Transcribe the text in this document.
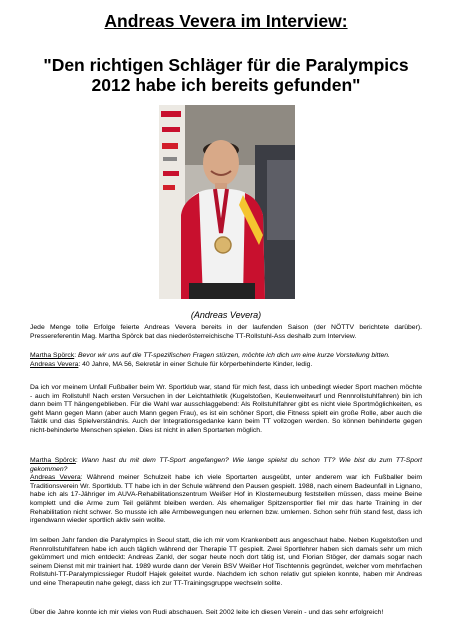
Andreas Vevera im Interview:
"Den richtigen Schläger für die Paralympics
2012 habe ich bereits gefunden"
(Andreas Vevera)

Jede Menge tolle Erfolge feierte Andreas Vevera bereits in der laufenden Saison (der NÖTTV berichtete darüber). Pressereferentin Mag. Martha Spörck bat das niederösterreichische TT-Rollstuhl-Ass deshalb zum Interview.

Martha Spörck: Bevor wir uns auf die TT-spezifischen Fragen stürzen, möchte ich dich um eine kurze Vorstellung bitten.
Andreas Vevera: 40 Jahre, MA 56, Sekretär in einer Schule für körperbehinderte Kinder, ledig.

Da ich vor meinem Unfall Fußballer beim Wr. Sportklub war, stand für mich fest, dass ich unbedingt wieder Sport machen möchte - auch im Rollstuhl! Nach ersten Versuchen in der Leichtathletik (Kugelstoßen, Keulenweitwurf und Rennrollstuhlfahren) bin ich dann beim TT hängengeblieben. Für die Wahl war ausschlaggebend: Als Rollstuhlfahrer gibt es nicht viele Sportmöglichkeiten, es geht Mann gegen Mann (aber auch Mann gegen Frau), es ist ein schöner Sport, die Fitness spielt ein große Rolle, aber auch die Taktik und das Spielverständnis. Auch der Integrationsgedanke kann beim TT vollzogen werden. So können behinderte gegen nicht-behinderte Menschen spielen. Dies ist nicht in allen Sportarten möglich.

Martha Spörck: Wann hast du mit dem TT-Sport angefangen? Wie lange spielst du schon TT? Wie bist du zum TT-Sport gekommen?
Andreas Vevera: Während meiner Schulzeit habe ich viele Sportarten ausgeübt, unter anderem war ich Fußballer beim Traditionsverein Wr. Sportklub. TT habe ich in der Schule während den Pausen gespielt. 1988, nach einem Badeunfall in Lignano, habe ich als 17-Jähriger im AUVA-Rehabilitationszentrum Weißer Hof in Klosterneuburg feststellen müssen, dass meine Beine komplett und die Arme zum Teil gelähmt bleiben werden. Als ehemaliger Spitzensportler fiel mir das harte Training in der Rehabilitation nicht schwer. So musste ich alle Armbewegungen neu erlernen bzw. umlernen. Schon sehr früh stand fest, dass ich irgendwann wieder sportlich aktiv sein wollte.

Im selben Jahr fanden die Paralympics in Seoul statt, die ich mir vom Krankenbett aus angeschaut habe. Neben Kugelstoßen und Rennrollstuhlfahren habe ich auch täglich während der Therapie TT gespielt. Zwei Sportlehrer haben sich damals sehr um mich gekümmert und mich entdeckt: Andreas Zankl, der sogar heute noch dort tätig ist, und Florian Stöger, der damals sogar nach seinem Dienst mit mir trainiert hat. 1989 wurde dann der Verein BSV Weißer Hof Tischtennis gegründet, welcher vom mehrfachen Rollstuhl-TT-Paralympicssieger Rudolf Hajek geleitet wurde. Nachdem ich schon relativ gut spielen konnte, haben mir Andreas und eine Therapeutin nahe gelegt, dass ich zur TT-Trainingsgruppe wechseln sollte.

Über die Jahre konnte ich mir vieles von Rudi abschauen. Seit 2002 leite ich diesen Verein - und das sehr erfolgreich!
